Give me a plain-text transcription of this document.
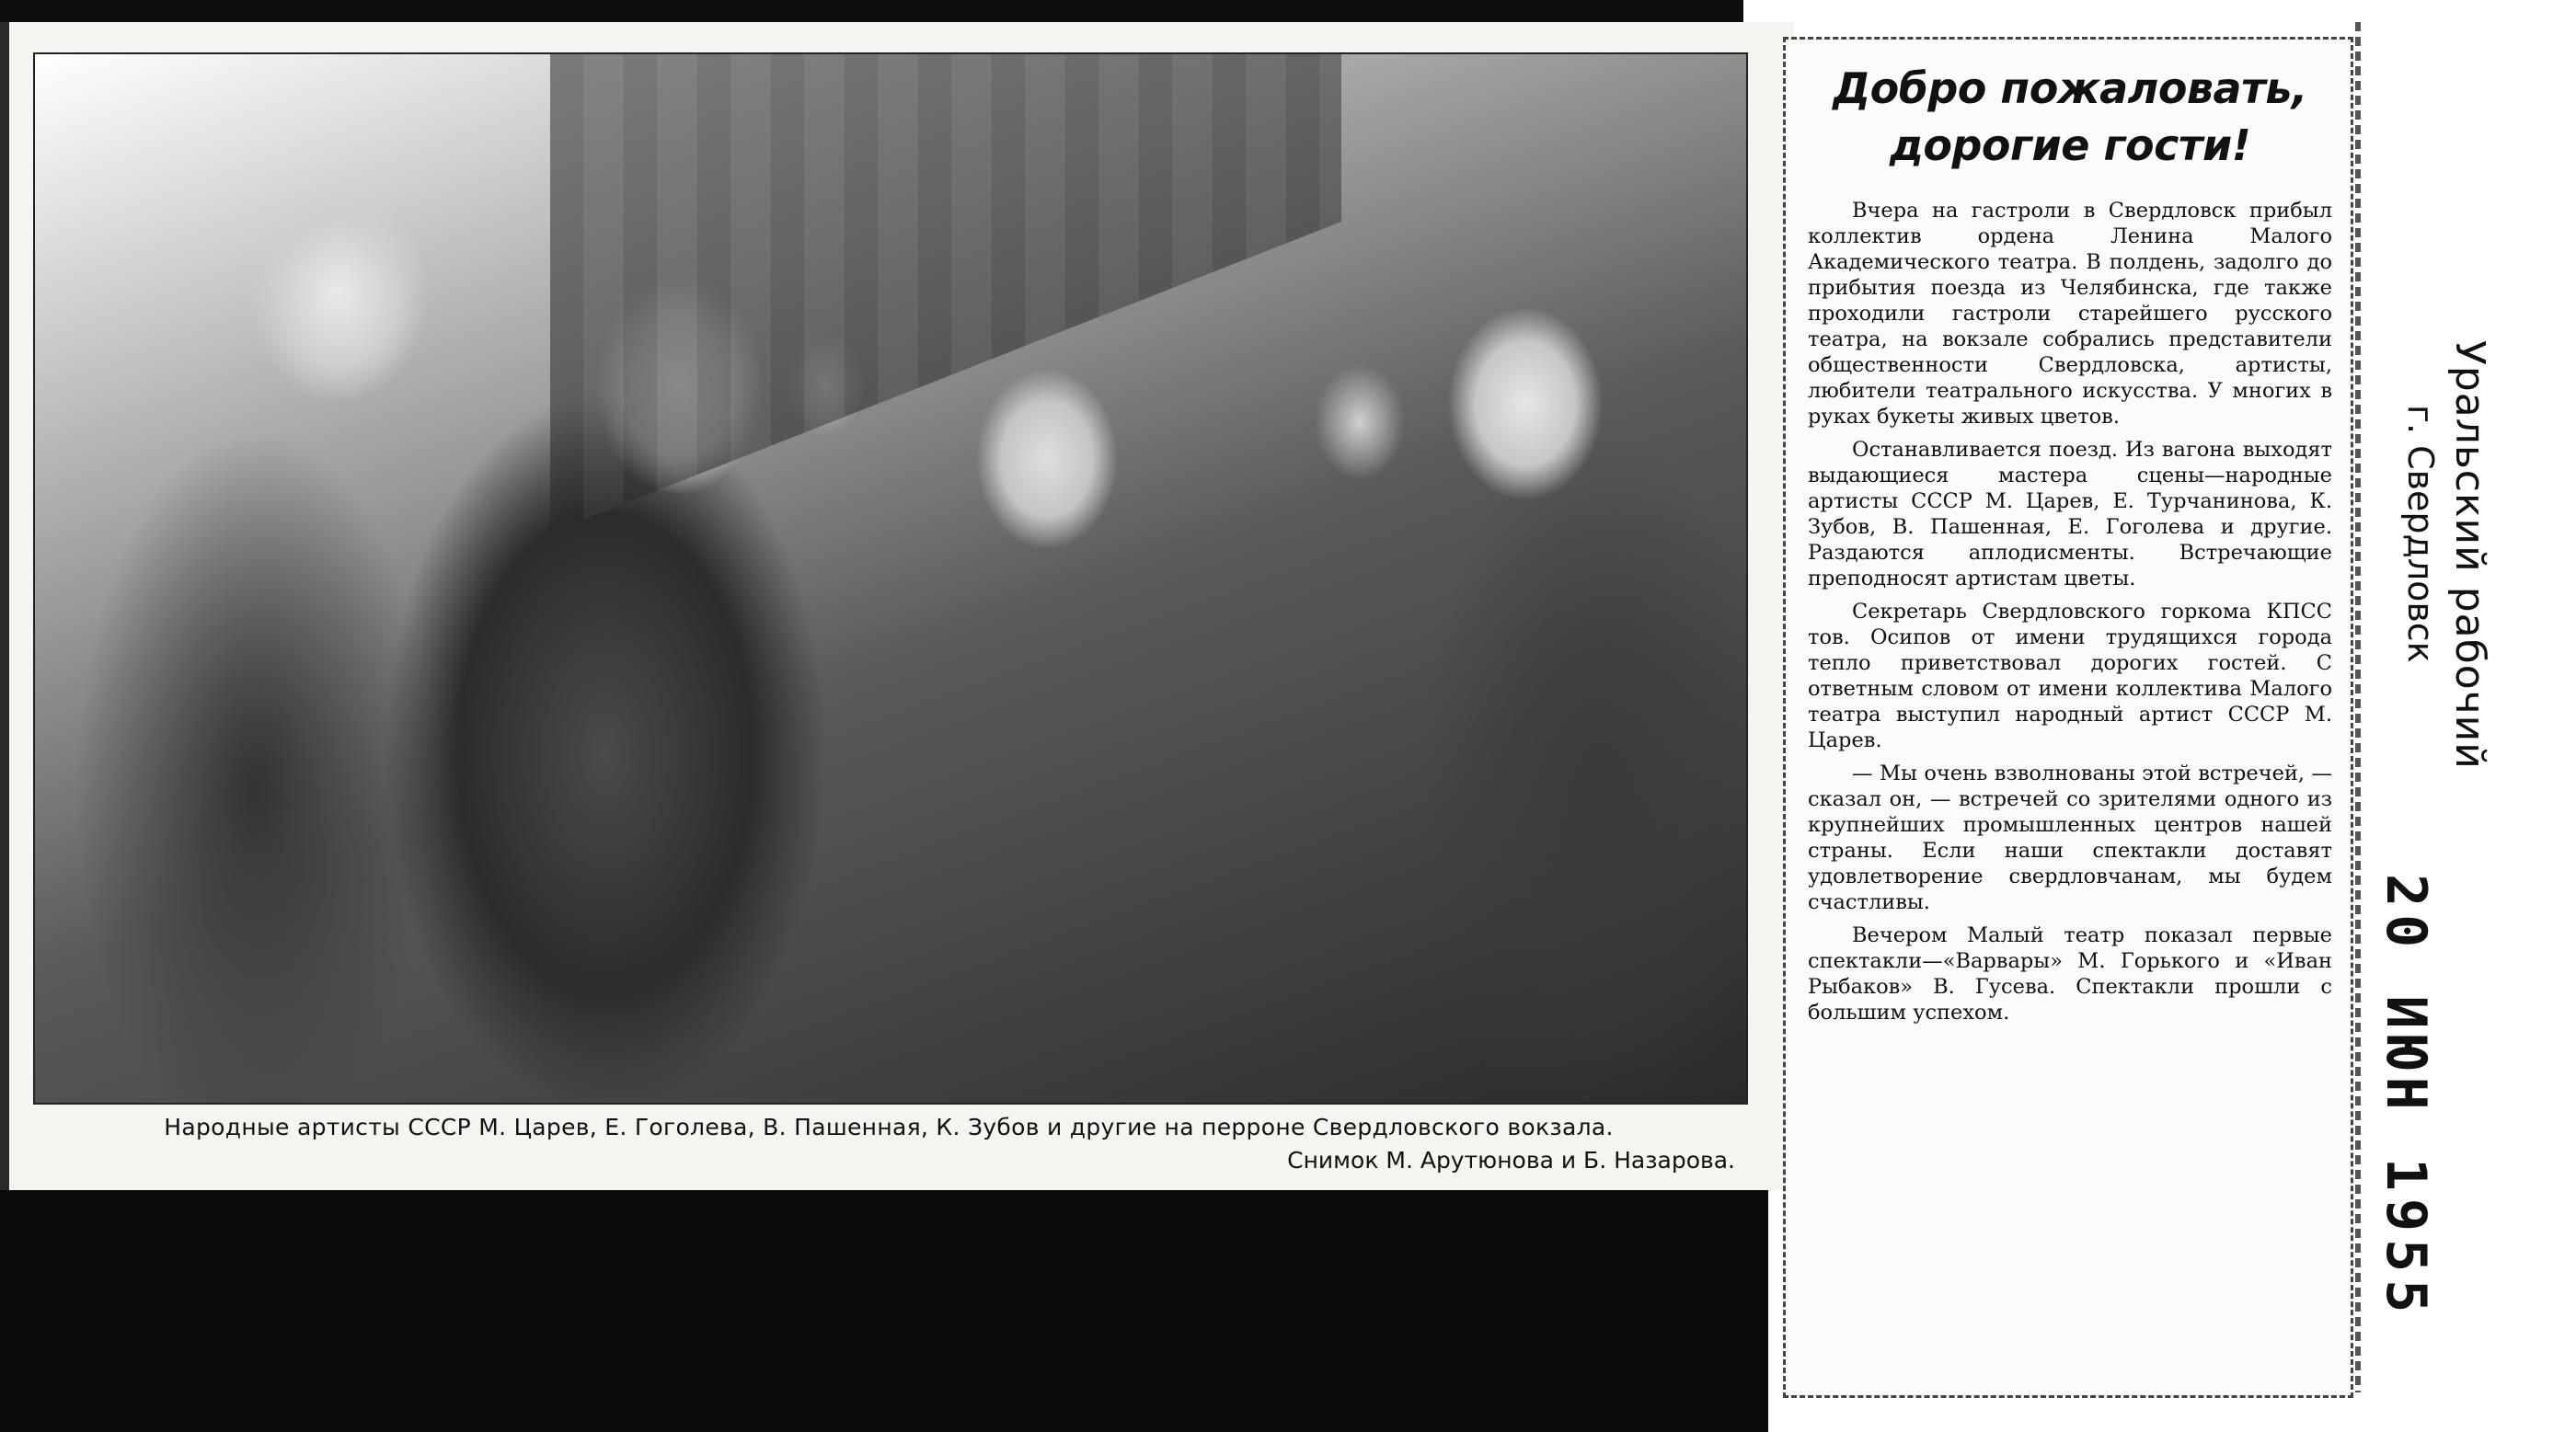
Народные артисты СССР М. Царев, Е. Гоголева, В. Пашенная, К. Зубов и другие на перроне Свердловского вокзала.
Снимок М. Арутюнова и Б. Назарова.
Добро пожаловать,
дорогие гости!

Вчера на гастроли в Свердловск прибыл коллектив ордена Ленина Малого Академического театра. В полдень, задолго до прибытия поезда из Челябинска, где также проходили гастроли старейшего русского театра, на вокзале собрались представители общественности Свердловска, артисты, любители театрального искусства. У многих в руках букеты живых цветов.

Останавливается поезд. Из вагона выходят выдающиеся мастера сцены—народные артисты СССР М. Царев, Е. Турчанинова, К. Зубов, В. Пашенная, Е. Гоголева и другие. Раздаются аплодисменты. Встречающие преподносят артистам цветы.

Секретарь Свердловского горкома КПСС тов. Осипов от имени трудящихся города тепло приветствовал дорогих гостей. С ответным словом от имени коллектива Малого театра выступил народный артист СССР М. Царев.

— Мы очень взволнованы этой встречей, — сказал он, — встречей со зрителями одного из крупнейших промышленных центров нашей страны. Если наши спектакли доставят удовлетворение свердловчанам, мы будем счастливы.

Вечером Малый театр показал первые спектакли—«Варвары» М. Горького и «Иван Рыбаков» В. Гусева. Спектакли прошли с большим успехом.

Уральский рабочий
г. Свердловск
20 ИЮН 1955
